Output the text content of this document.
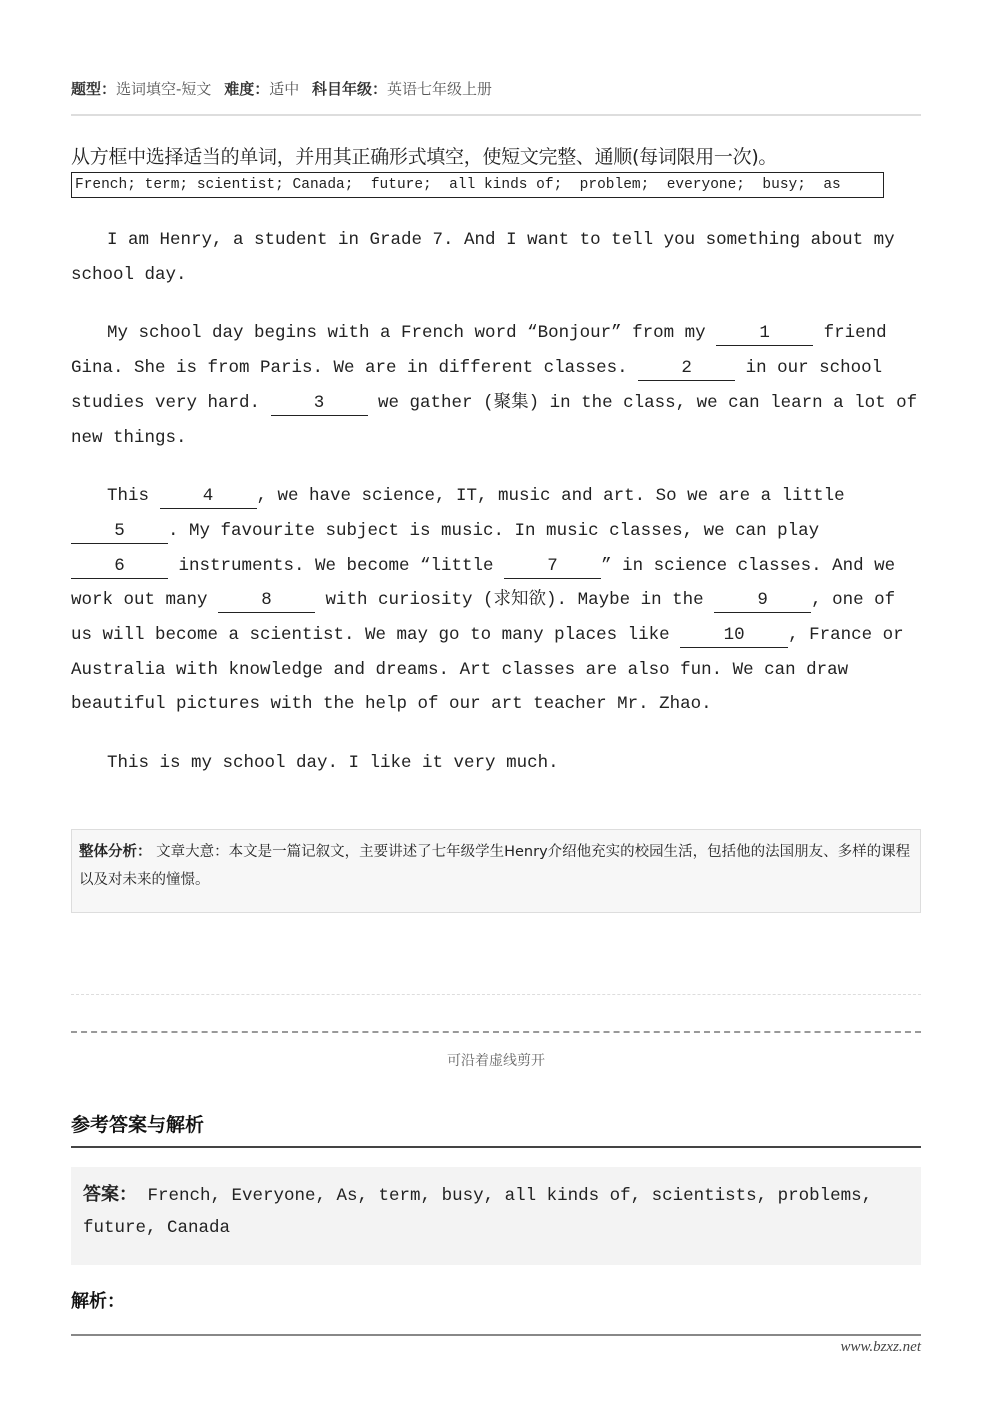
题型：选词填空-短文 难度：适中 科目年级：英语七年级上册
从方框中选择适当的单词，并用其正确形式填空，使短文完整、通顺(每词限用一次)。
French; term; scientist; Canada;  future;  all kinds of;  problem;  everyone;  busy;  as

I am Henry, a student in Grade 7. And I want to tell you something about my school day.

My school day begins with a French word “Bonjour” from my 1 friend Gina. She is from Paris. We are in different classes. 2 in our school studies very hard. 3 we gather (聚集) in the class, we can learn a lot of new things.

This 4 , we have science, IT, music and art. So we are a little 5 . My favourite subject is music. In music classes, we can play 6 instruments. We become “little 7 ” in science classes. And we work out many 8 with curiosity (求知欲). Maybe in the 9 , one of us will become a scientist. We may go to many places like 10 , France or Australia with knowledge and dreams. Art classes are also fun. We can draw beautiful pictures with the help of our art teacher Mr. Zhao.

This is my school day. I like it very much.

整体分析： 文章大意：本文是一篇记叙文，主要讲述了七年级学生Henry介绍他充实的校园生活，包括他的法国朋友、多样的课程以及对未来的憧憬。
可沿着虚线剪开
参考答案与解析
答案： French, Everyone, As, term, busy, all kinds of, scientists, problems, future, Canada
解析：
www.bzxz.net
